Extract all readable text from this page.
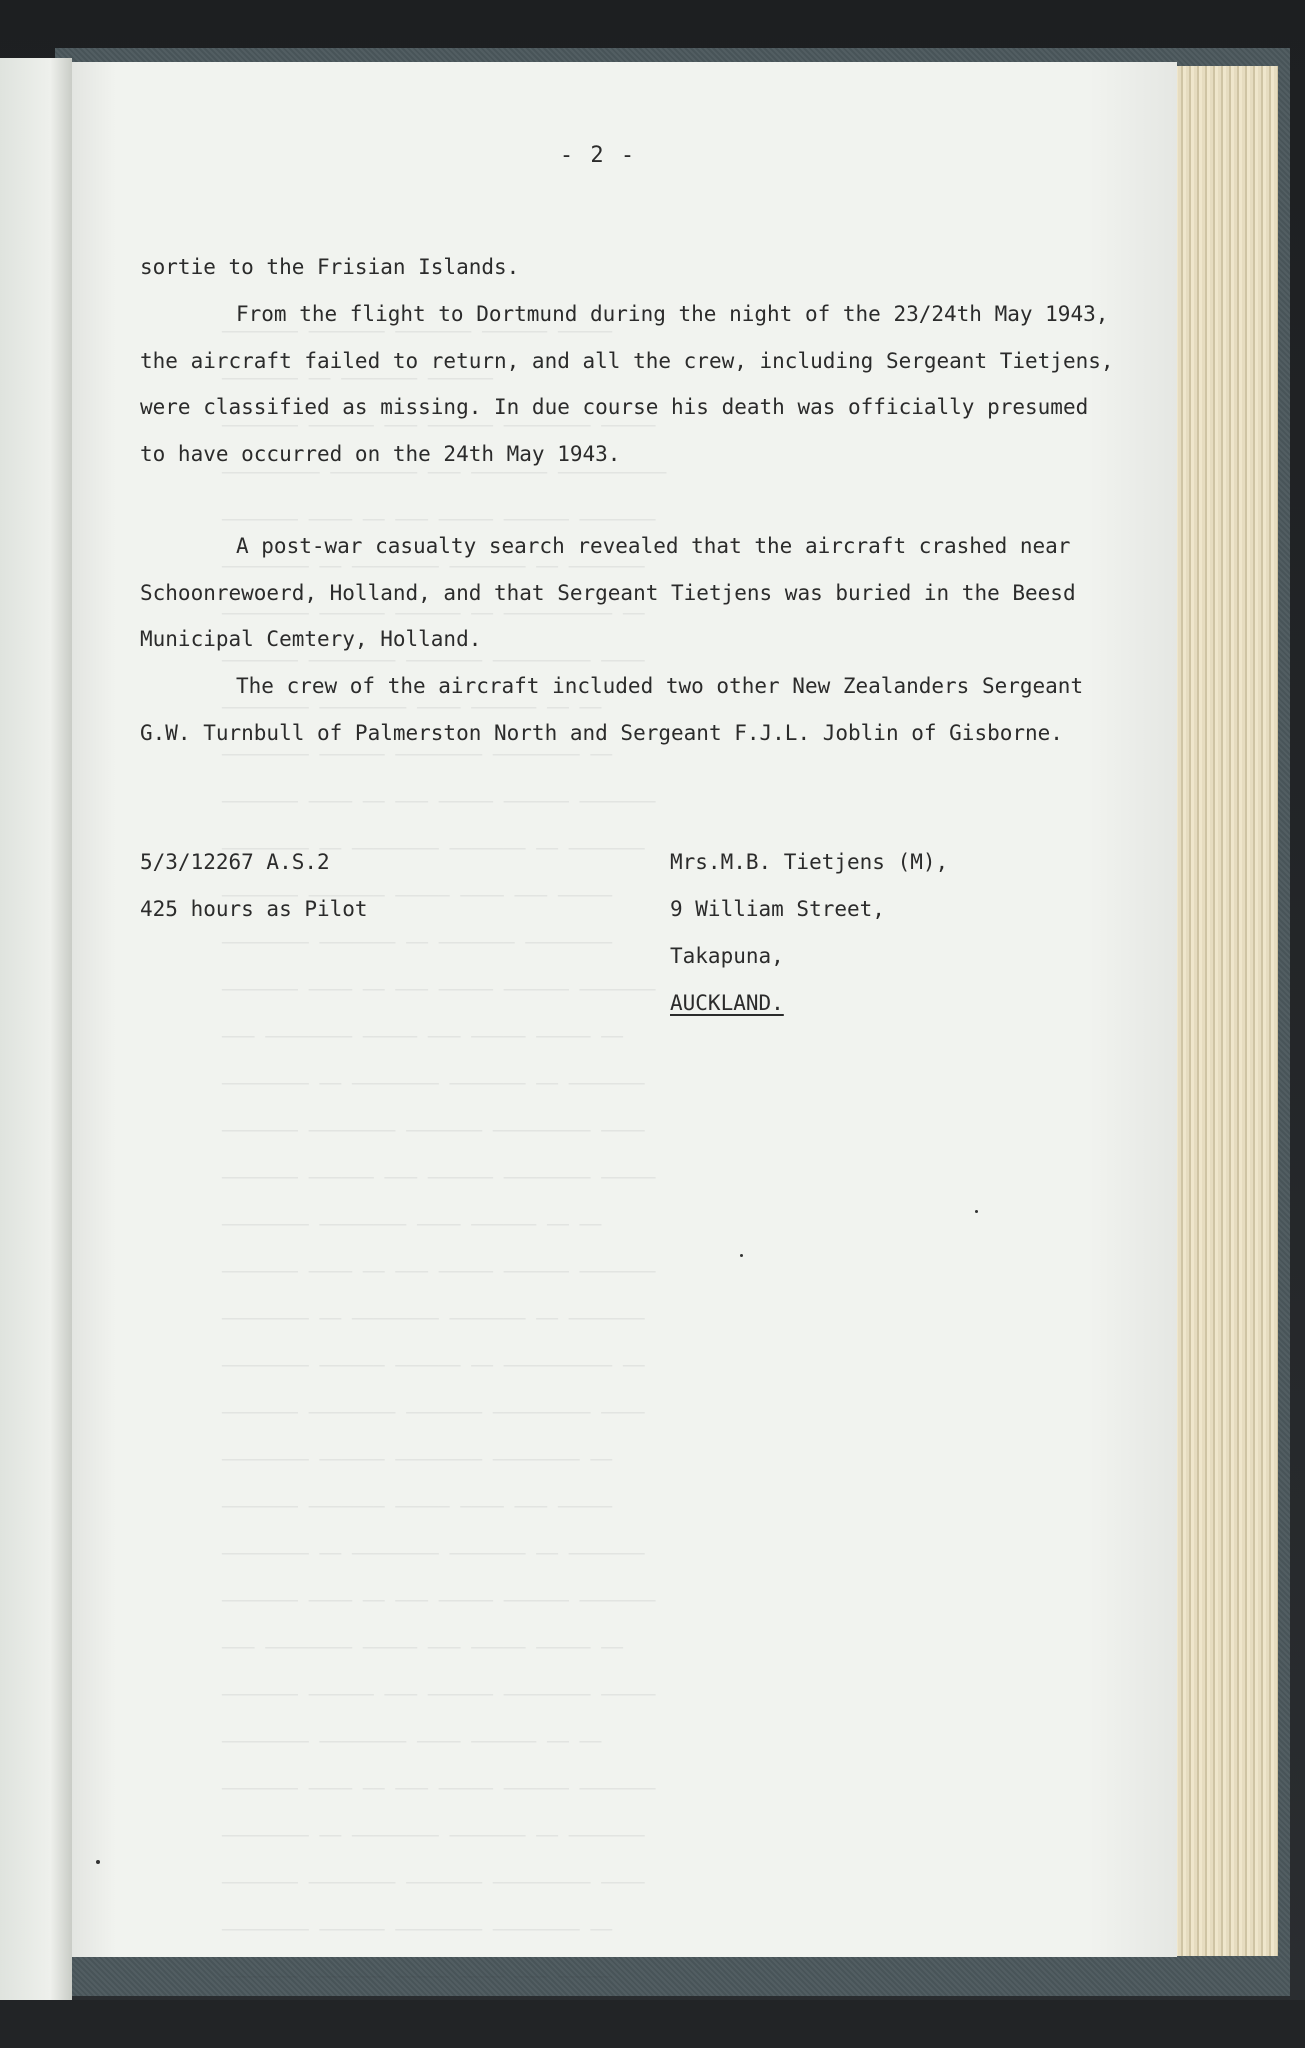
─────── ─────── ─────── ────── ─────
─────── ── ─────── ──────
─────── ────── ─── ────── ──────── ─────
───────── ──────── ─── ─────── ──────────
─────── ──── ── ─── ───── ────── ───────
──────── ── ──────── ─────── ── ───────
──────── ────── ────── ── ────────── ──
─────── ──────── ─────── ───────── ────
──────── ──────── ──── ────── ── ──
──────── ────── ──────── ──────── ──
─────── ──── ── ─── ───── ────── ───────
──────── ── ──────── ─────── ── ───────
─────── ─────── ───── ──── ─── ─────
──────── ─────── ── ─────── ────────
─────── ──── ── ─── ───── ────── ───────
─── ──────── ───── ─── ───── ───── ──
──────── ── ──────── ─────── ── ───────
─────── ──────── ─────── ───────── ────
─────── ────── ─── ────── ──────── ─────
──────── ──────── ──── ────── ── ──
─────── ──── ── ─── ───── ────── ───────
──────── ── ──────── ─────── ── ───────
──────── ────── ────── ── ────────── ──
─────── ──────── ─────── ───────── ────
──────── ────── ──────── ──────── ──
─────── ─────── ───── ──── ─── ─────
──────── ── ──────── ─────── ── ───────
─────── ──── ── ─── ───── ────── ───────
─── ──────── ───── ─── ───── ───── ──
─────── ────── ─── ────── ──────── ─────
──────── ──────── ──── ────── ── ──
─────── ──── ── ─── ───── ────── ───────
──────── ── ──────── ─────── ── ───────
─────── ──────── ─────── ───────── ────
──────── ────── ──────── ──────── ──
─────── ─────── ───── ──── ─── ─────

- 2 -

sortie to the Frisian Islands.

From the flight to Dortmund during the night of the 23/24th May 1943, the aircraft failed to return, and all the crew, including Sergeant Tietjens, were classified as missing. In due course his death was officially presumed to have occurred on the 24th May 1943.

A post-war casualty search revealed that the aircraft crashed near Schoonrewoerd, Holland, and that Sergeant Tietjens was buried in the Beesd Municipal Cemtery, Holland.

The crew of the aircraft included two other New Zealanders Sergeant G.W. Turnbull of Palmerston North and Sergeant F.J.L. Joblin of Gisborne.

5/3/12267 A.S.2
425 hours as Pilot
Mrs.M.B. Tietjens (M),
9 William Street,
Takapuna,
AUCKLAND.
